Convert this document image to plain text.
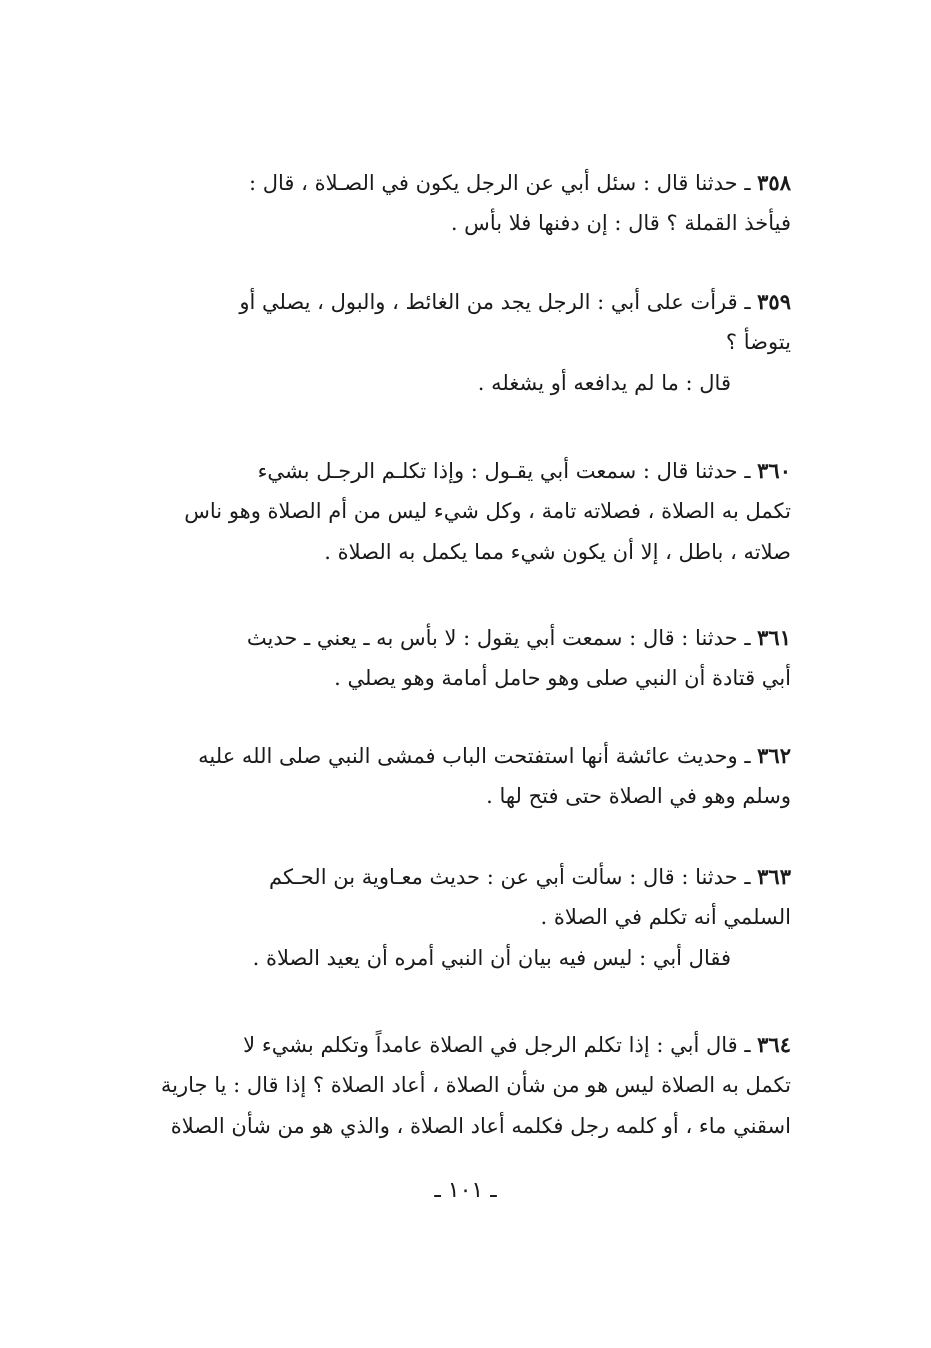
٣٥٨ ـ حدثنا قال : سئل أبي عن الرجل يكون في الصـلاة ، قال :
فيأخذ القملة ؟ قال : إن دفنها فلا بأس .
٣٥٩ ـ قرأت على أبي : الرجل يجد من الغائط ، والبول ، يصلي أو
يتوضأ ؟
قال : ما لم يدافعه أو يشغله .
٣٦٠ ـ حدثنا قال : سمعت أبي يقـول : وإذا تكلـم الرجـل بشيء
تكمل به الصلاة ، فصلاته تامة ، وكل شيء ليس من أم الصلاة وهو ناس
صلاته ، باطل ، إلا أن يكون شيء مما يكمل به الصلاة .
٣٦١ ـ حدثنا : قال : سمعت أبي يقول : لا بأس به ـ يعني ـ حديث
أبي قتادة أن النبي صلى وهو حامل أمامة وهو يصلي .
٣٦٢ ـ وحديث عائشة أنها استفتحت الباب فمشى النبي صلى الله عليه
وسلم وهو في الصلاة حتى فتح لها .
٣٦٣ ـ حدثنا : قال : سألت أبي عن : حديث معـاوية بن الحـكم
السلمي أنه تكلم في الصلاة .
فقال أبي : ليس فيه بيان أن النبي أمره أن يعيد الصلاة .
٣٦٤ ـ قال أبي : إذا تكلم الرجل في الصلاة عامداً وتكلم بشيء لا
تكمل به الصلاة ليس هو من شأن الصلاة ، أعاد الصلاة ؟ إذا قال : يا جارية
اسقني ماء ، أو كلمه رجل فكلمه أعاد الصلاة ، والذي هو من شأن الصلاة
ـ ١٠١ ـ
